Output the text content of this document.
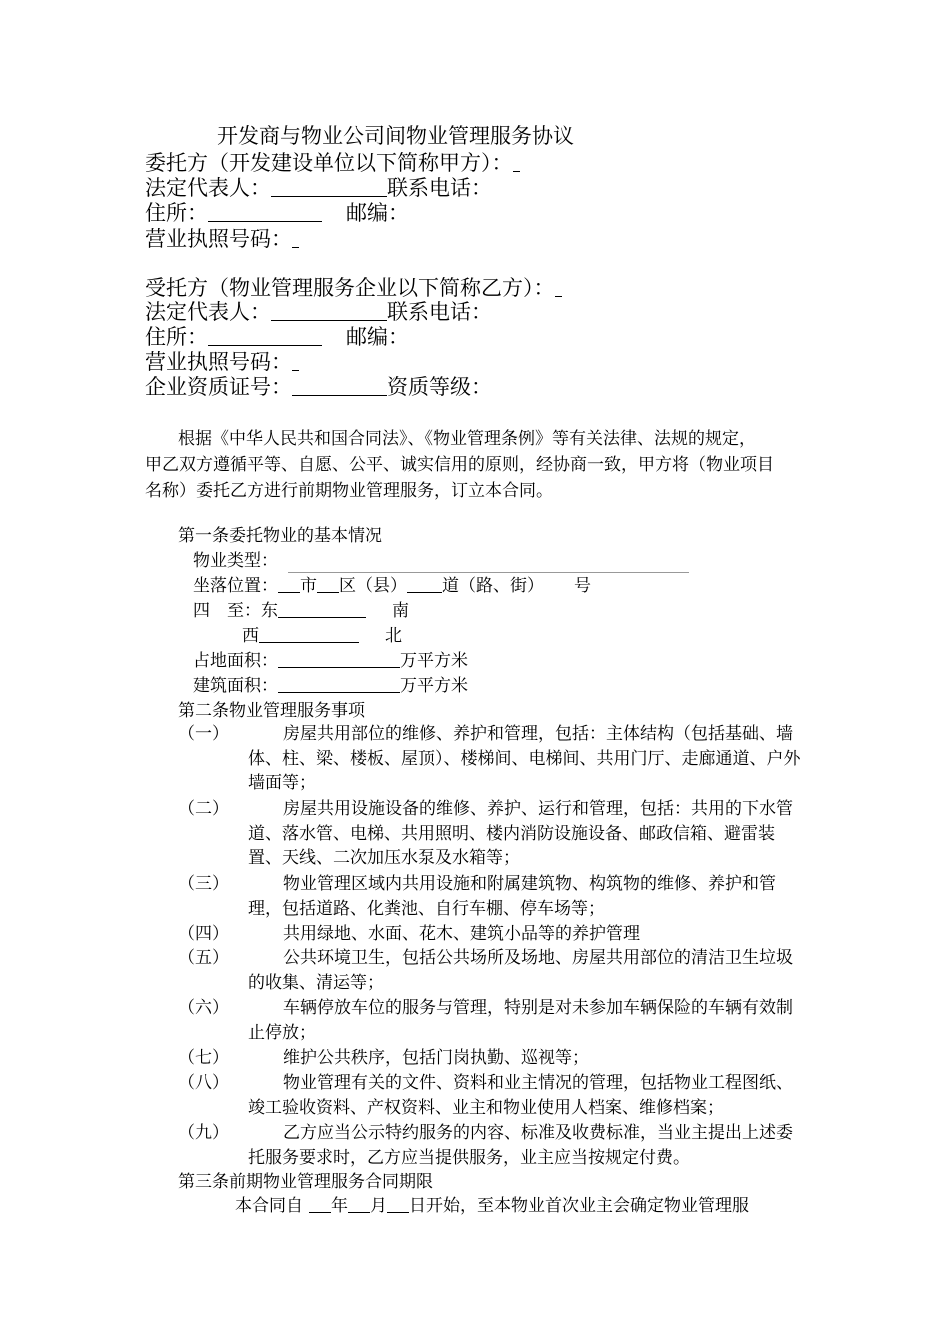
开发商与物业公司间物业管理服务协议
委托方（开发建设单位以下简称甲方）：
法定代表人：	联系电话：
住所：	邮编：
营业执照号码：
受托方（物业管理服务企业以下简称乙方）：
法定代表人：	联系电话：
住所：	邮编：
营业执照号码：
企业资质证号：	资质等级：
根据《中华人民共和国合同法》、《物业管理条例》等有关法律、法规的规定，
甲乙双方遵循平等、自愿、公平、诚实信用的原则，经协商一致，甲方将（物业项目
名称）委托乙方进行前期物业管理服务，订立本合同。
第一条委托物业的基本情况
物业类型：
坐落位置： 市 区（县） 道（路、街） 号
四　至：东	南
西	北
占地面积：	万平方米
建筑面积：	万平方米
第二条物业管理服务事项
（一）	房屋共用部位的维修、养护和管理，包括：主体结构（包括基础、墙体、柱、梁、楼板、屋顶）、楼梯间、电梯间、共用门厅、走廊通道、户外墙面等；
（二）	房屋共用设施设备的维修、养护、运行和管理，包括：共用的下水管道、落水管、电梯、共用照明、楼内消防设施设备、邮政信箱、避雷装置、天线、二次加压水泵及水箱等；
（三）	物业管理区域内共用设施和附属建筑物、构筑物的维修、养护和管理，包括道路、化粪池、自行车棚、停车场等；
（四）	共用绿地、水面、花木、建筑小品等的养护管理
（五）	公共环境卫生，包括公共场所及场地、房屋共用部位的清洁卫生垃圾的收集、清运等；
（六）	车辆停放车位的服务与管理，特别是对未参加车辆保险的车辆有效制止停放；
（七）	维护公共秩序，包括门岗执勤、巡视等；
（八）	物业管理有关的文件、资料和业主情况的管理，包括物业工程图纸、竣工验收资料、产权资料、业主和物业使用人档案、维修档案；
（九）	乙方应当公示特约服务的内容、标准及收费标准，当业主提出上述委托服务要求时，乙方应当提供服务，业主应当按规定付费。
第三条前期物业管理服务合同期限
本合同自 年 月 日开始，至本物业首次业主会确定物业管理服
